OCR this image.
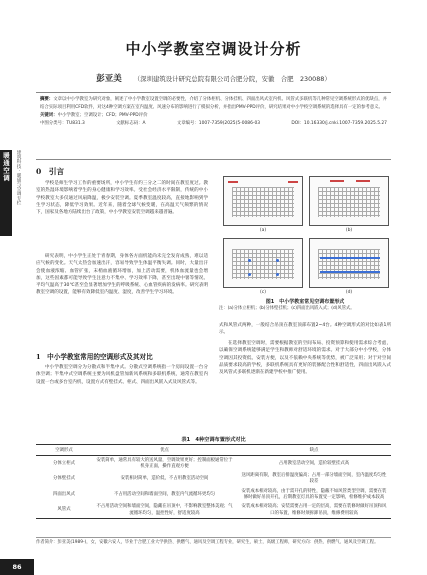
暖通空调	建筑科技 · 暖通与空调专栏
中小学教室空调设计分析
彭亚美 （深圳建筑设计研究总院有限公司合肥分院，安徽　合肥　230088）

摘要：文章以中小学教室为研究对象，阐述了中小学教室设置空调的必要性，介绍了分体柜机、分体挂机、四面出风式室内机、风管式多联机等几种常见空调系统形式的优缺点，并结合实际项目利用CFD软件，对这4种空调方案在室内温度、风速分布的影响进行了模拟分析，并指出PMV-PPD评价，研究结果对中小学校空调系统的选择具有一定的参考意义。

关键词：中小学教室；空调设计；CFD；PMV-PPD评价

中图分类号：TU831.3	文献标志码：A	文章编号：1007-7359(2025)5-0086-03	DOI：10.16330/j.cnki.1007-7359.2025.5.27
0　引言

学校是师生学习工作的重要场所，中小学生有约三分之二的时间在教室度过。教室的热湿环境影响着学生的身心健康和学习效率。受社会经济水平限制，传统的中小学校教室大多仅通过风扇降温，极少安装空调。夏季教室温度较高，直接地影响到学生学习状态，降低学习效果。近年来，随着全球气候变暖，在高温天气频繁的情况下，国家及各地方陆续出台了政策，中小学教室安装空调越来越普遍。

研究表明，中小学生正处于青春期，身体各方面机能尚未完全发育成熟，难以适应气候的变化。天气太热会加速出汗，容易导致学生体温平衡失调。同时，大量出汗会使血液浓缩、血管扩张，末梢血液循环增加，加上活动需要，机体血流量也会增加，这些因素都可能导致学生注意力不集中、学习效率下降，甚至出现中暑等情况。平均气温高于30℃甚至会显著增加学生的呼吸系统、心血管疾病的发病率。研究表明教室空调的设置，能够有效降低室内温度、湿度，改善学生学习环境。

1　中小学教室常用的空调形式及其对比

中小学教室空调分为分散式和半集中式。分散式空调系统指一个房间设置一台分体空调；半集中式空调系统主要为风机盘管加新风系统和多联机系统，通常在教室内设置一台或多台室内机，设置方式有壁挂式、柜式、四面出风嵌入式及风管式等。

(a)	(b)
(c)	(d)
图1　中小学教室常见空调布置形式
注：(a)分体立柜机；(b)分体壁挂机；(c)四面出风嵌入式；(d)风管式。

式和风管式两种，一般结合吊顶在教室顶部布置2~4台。4种空调形式的对比如表1所示。

在选择教室空调时，需要根据教室的空间布局、投资预算和使用需求综合考虑，以确保空调系统能够满足学生和教师对舒适环境的需求。对于大部分中小学校，分体空调因其投资低、安装方便，以及不依赖中央系统等优势，被广泛采用；对于对空间品质要求较高的学校，多联机系统具有更好的装修配合性和舒适性，四面出风嵌入式及风管式多联机逐渐在新建学校中推广使用。

表1　4种空调布置形式对比
空调形式	优点	缺点
分体立柜式	安装简单，通常具有较大的送风量，空调效果更好；控制面板通常位于机身正面，操作直观方便	占用教室活动空间，造价较壁挂式高
分体壁挂式	安装相对简单，造价低，不占用教室活动空间	送风距离有限，教室后排温度偏高；占用一部分墙面空间，室内温度均匀性较差
四面出风式	不占用活动空间和墙面空间，教室内气流循环更均匀	安装成本相对较高，由于需开孔的特性，隐蔽不如风管类型空调，需要在装修时做好吊顶开孔，后期教室灯具的布置受一定影响，检修维护成本较高
风管式	不占用活动空间和墙面空间，隐藏在吊顶中，不影响教室整体美观；气流循环均匀，温控性好，舒适度较高	安装成本相对较高；安装需要占用一定的层高，需要在装修时做好吊顶和风口的布置，维修时须拆卸吊顶，维修费用较高
作者简介：彭亚美(1989-)，女，安徽六安人，毕业于合肥工业大学供热、供燃气、通风及空调工程专业，研究生，硕士，高级工程师，研究方向：供热、供燃气、通风及空调工程。
86
